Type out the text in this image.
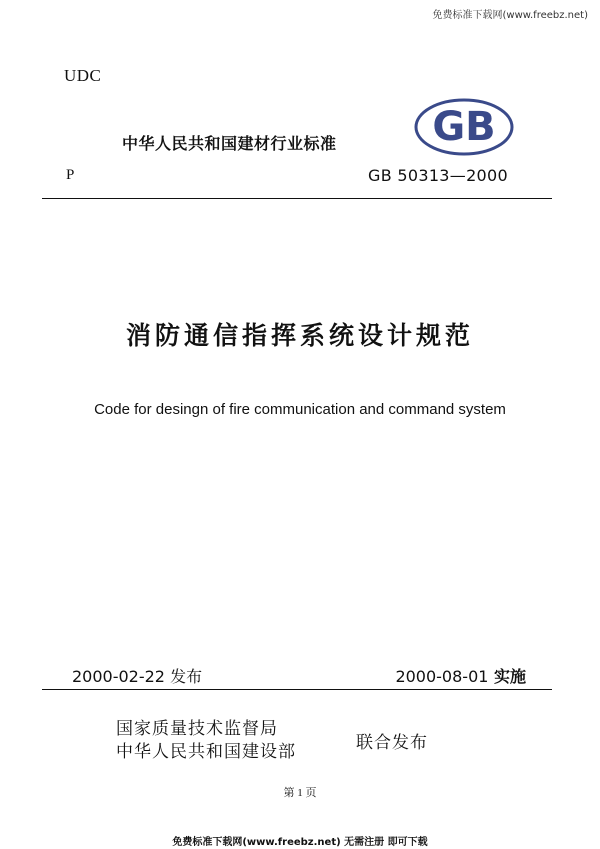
免费标准下载网(www.freebz.net)
UDC
中华人民共和国建材行业标准 GB
P	GB 50313—2000
消防通信指挥系统设计规范
Code for desingn of fire communication and command system
2000-02-22 发布	2000-08-01 实施
国家质量技术监督局
中华人民共和国建设部	联合发布
第 1 页
免费标准下载网(www.freebz.net) 无需注册 即可下载
